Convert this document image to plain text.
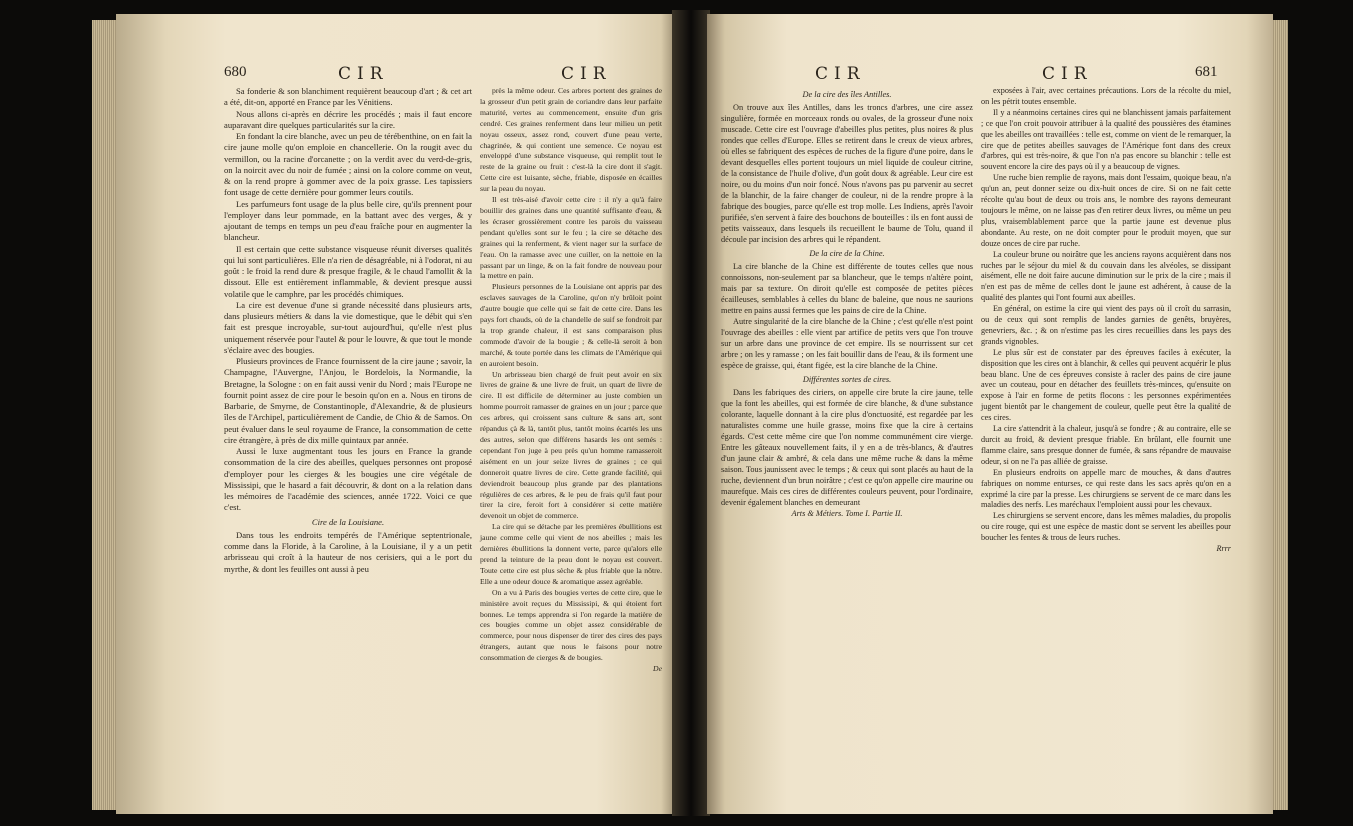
680	CIR	CIR

Sa fonderie & son blanchiment requièrent beaucoup d'art ; & cet art a été, dit-on, apporté en France par les Vénitiens.

Nous allons ci-après en décrire les procédés ; mais il faut encore auparavant dire quelques particularités sur la cire.

En fondant la cire blanche, avec un peu de térébenthine, on en fait la cire jaune molle qu'on emploie en chancellerie. On la rougit avec du vermillon, ou la racine d'orcanette ; on la verdit avec du verd-de-gris, on la noircit avec du noir de fumée ; ainsi on la colore comme on veut, & on la rend propre à gommer avec de la poix grasse. Les tapissiers font usage de cette dernière pour gommer leurs coutils.

Les parfumeurs font usage de la plus belle cire, qu'ils prennent pour l'employer dans leur pommade, en la battant avec des verges, & y ajoutant de temps en temps un peu d'eau fraîche pour en augmenter la blancheur.

Il est certain que cette substance visqueuse réunit diverses qualités qui lui sont particulières. Elle n'a rien de désagréable, ni à l'odorat, ni au goût : le froid la rend dure & presque fragile, & le chaud l'amollit & la dissout. Elle est entièrement inflammable, & devient presque aussi volatile que le camphre, par les procédés chimiques.

La cire est devenue d'une si grande nécessité dans plusieurs arts, dans plusieurs métiers & dans la vie domestique, que le débit qui s'en fait est presque incroyable, sur-tout aujourd'hui, qu'elle n'est plus uniquement réservée pour l'autel & pour le louvre, & que tout le monde s'éclaire avec des bougies.

Plusieurs provinces de France fournissent de la cire jaune ; savoir, la Champagne, l'Auvergne, l'Anjou, le Bordelois, la Normandie, la Bretagne, la Sologne : on en fait aussi venir du Nord ; mais l'Europe ne fournit point assez de cire pour le besoin qu'on en a. Nous en tirons de Barbarie, de Smyrne, de Constantinople, d'Alexandrie, & de plusieurs îles de l'Archipel, particulièrement de Candie, de Chio & de Samos. On peut évaluer dans le seul royaume de France, la consommation de cette cire étrangère, à près de dix mille quintaux par année.

Aussi le luxe augmentant tous les jours en France la grande consommation de la cire des abeilles, quelques personnes ont proposé d'employer pour les cierges & les bougies une cire végétale de Mississipi, que le hasard a fait découvrir, & dont on a la relation dans les mémoires de l'académie des sciences, année 1722. Voici ce que c'est.

Cire de la Louisiane.

Dans tous les endroits tempérés de l'Amérique septentrionale, comme dans la Floride, à la Caroline, à la Louisiane, il y a un petit arbrisseau qui croît à la hauteur de nos cerisiers, qui a le port du myrthe, & dont les feuilles ont aussi à peu

près la même odeur. Ces arbres portent des graines de la grosseur d'un petit grain de coriandre dans leur parfaite maturité, vertes au commencement, ensuite d'un gris cendré. Ces graines renferment dans leur milieu un petit noyau osseux, assez rond, couvert d'une peau verte, chagrinée, & qui contient une semence. Ce noyau est enveloppé d'une substance visqueuse, qui remplit tout le reste de la graine ou fruit : c'est-là la cire dont il s'agit. Cette cire est luisante, sèche, friable, disposée en écailles sur la peau du noyau.

Il est très-aisé d'avoir cette cire : il n'y a qu'à faire bouillir des graines dans une quantité suffisante d'eau, & les écraser grossièrement contre les parois du vaisseau pendant qu'elles sont sur le feu ; la cire se détache des graines qui la renferment, & vient nager sur la surface de l'eau. On la ramasse avec une cuiller, on la nettoie en la passant par un linge, & on la fait fondre de nouveau pour la mettre en pain.

Plusieurs personnes de la Louisiane ont appris par des esclaves sauvages de la Caroline, qu'on n'y brûloit point d'autre bougie que celle qui se fait de cette cire. Dans les pays fort chauds, où de la chandelle de suif se fondroit par la trop grande chaleur, il est sans comparaison plus commode d'avoir de la bougie ; & celle-là seroit à bon marché, & toute portée dans les climats de l'Amérique qui en auroient besoin.

Un arbrisseau bien chargé de fruit peut avoir en six livres de graine & une livre de fruit, un quart de livre de cire. Il est difficile de déterminer au juste combien un homme pourroit ramasser de graines en un jour ; parce que ces arbres, qui croissent sans culture & sans art, sont répandus çà & là, tantôt plus, tantôt moins écartés les uns des autres, selon que différens hasards les ont semés : cependant l'on juge à peu près qu'un homme ramasseroit aisément en un jour seize livres de graines ; ce qui donneroit quatre livres de cire. Cette grande facilité, qui deviendroit beaucoup plus grande par des plantations régulières de ces arbres, & le peu de frais qu'il faut pour tirer la cire, feroit fort à considérer si cette matière devenoit un objet de commerce.

La cire qui se détache par les premières ébullitions est jaune comme celle qui vient de nos abeilles ; mais les dernières ébullitions la donnent verte, parce qu'alors elle prend la teinture de la peau dont le noyau est couvert. Toute cette cire est plus sèche & plus friable que la nôtre. Elle a une odeur douce & aromatique assez agréable.

On a vu à Paris des bougies vertes de cette cire, que le ministère avoit reçues du Mississipi, & qui étoient fort bonnes. Le temps apprendra si l'on regarde la matière de ces bougies comme un objet assez considérable de commerce, pour nous dispenser de tirer des cires des pays étrangers, autant que nous le faisons pour notre consommation de cierges & de bougies.

De
CIR	CIR	681
De la cire des îles Antilles.

On trouve aux îles Antilles, dans les troncs d'arbres, une cire assez singulière, formée en morceaux ronds ou ovales, de la grosseur d'une noix muscade. Cette cire est l'ouvrage d'abeilles plus petites, plus noires & plus rondes que celles d'Europe. Elles se retirent dans le creux de vieux arbres, où elles se fabriquent des espèces de ruches de la figure d'une poire, dans le devant desquelles elles portent toujours un miel liquide de couleur citrine, de la consistance de l'huile d'olive, d'un goût doux & agréable. Leur cire est noire, ou du moins d'un noir foncé. Nous n'avons pas pu parvenir au secret de la blanchir, de la faire changer de couleur, ni de la rendre propre à la fabrique des bougies, parce qu'elle est trop molle. Les Indiens, après l'avoir purifiée, s'en servent à faire des bouchons de bouteilles : ils en font aussi de petits vaisseaux, dans lesquels ils recueillent le baume de Tolu, quand il découle par incision des arbres qui le répandent.

De la cire de la Chine.

La cire blanche de la Chine est différente de toutes celles que nous connoissons, non-seulement par sa blancheur, que le temps n'altère point, mais par sa texture. On diroit qu'elle est composée de petites pièces écailleuses, semblables à celles du blanc de baleine, que nous ne saurions mettre en pains aussi fermes que les pains de cire de la Chine.

Autre singularité de la cire blanche de la Chine ; c'est qu'elle n'est point l'ouvrage des abeilles : elle vient par artifice de petits vers que l'on trouve sur un arbre dans une province de cet empire. Ils se nourrissent sur cet arbre ; on les y ramasse ; on les fait bouillir dans de l'eau, & ils forment une espèce de graisse, qui, étant figée, est la cire blanche de la Chine.

Différentes sortes de cires.

Dans les fabriques des ciriers, on appelle cire brute la cire jaune, telle que la font les abeilles, qui est formée de cire blanche, & d'une substance colorante, laquelle donnant à la cire plus d'onctuosité, est regardée par les naturalistes comme une huile grasse, moins fixe que la cire à certains égards. C'est cette même cire que l'on nomme communément cire vierge. Entre les gâteaux nouvellement faits, il y en a de très-blancs, & d'autres d'un jaune clair & ambré, & cela dans une même ruche & dans la même saison. Tous jaunissent avec le temps ; & ceux qui sont placés au haut de la ruche, deviennent d'un brun noirâtre ; c'est ce qu'on appelle cire maurine ou maurefque. Mais ces cires de différentes couleurs peuvent, pour l'ordinaire, devenir également blanches en demeurant

Arts & Métiers. Tome I. Partie II.

exposées à l'air, avec certaines précautions. Lors de la récolte du miel, on les pétrit toutes ensemble.

Il y a néanmoins certaines cires qui ne blanchissent jamais parfaitement ; ce que l'on croit pouvoir attribuer à la qualité des poussières des étamines que les abeilles ont travaillées : telle est, comme on vient de le remarquer, la cire que de petites abeilles sauvages de l'Amérique font dans des creux d'arbres, qui est très-noire, & que l'on n'a pas encore su blanchir : telle est souvent encore la cire des pays où il y a beaucoup de vignes.

Une ruche bien remplie de rayons, mais dont l'essaim, quoique beau, n'a qu'un an, peut donner seize ou dix-huit onces de cire. Si on ne fait cette récolte qu'au bout de deux ou trois ans, le nombre des rayons demeurant toujours le même, on ne laisse pas d'en retirer deux livres, ou même un peu plus, vraisemblablement parce que la partie jaune est devenue plus abondante. Au reste, on ne doit compter pour le produit moyen, que sur douze onces de cire par ruche.

La couleur brune ou noirâtre que les anciens rayons acquièrent dans nos ruches par le séjour du miel & du couvain dans les alvéoles, se dissipant aisément, elle ne doit faire aucune diminution sur le prix de la cire ; mais il n'en est pas de même de celles dont le jaune est adhérent, à cause de la qualité des plantes qui l'ont fourni aux abeilles.

En général, on estime la cire qui vient des pays où il croît du sarrasin, ou de ceux qui sont remplis de landes garnies de genêts, bruyères, genevriers, &c. ; & on n'estime pas les cires recueillies dans les pays des grands vignobles.

Le plus sûr est de constater par des épreuves faciles à exécuter, la disposition que les cires ont à blanchir, & celles qui peuvent acquérir le plus beau blanc. Une de ces épreuves consiste à racler des pains de cire jaune avec un couteau, pour en détacher des feuillets très-minces, qu'ensuite on expose à l'air en forme de petits flocons : les personnes expérimentées jugent bientôt par le changement de couleur, quelle peut être la qualité de ces cires.

La cire s'attendrit à la chaleur, jusqu'à se fondre ; & au contraire, elle se durcit au froid, & devient presque friable. En brûlant, elle fournit une flamme claire, sans presque donner de fumée, & sans répandre de mauvaise odeur, si on ne l'a pas alliée de graisse.

En plusieurs endroits on appelle marc de mouches, & dans d'autres fabriques on nomme enturses, ce qui reste dans les sacs après qu'on en a exprimé la cire par la presse. Les chirurgiens se servent de ce marc dans les maladies des nerfs. Les maréchaux l'emploient aussi pour les chevaux.

Les chirurgiens se servent encore, dans les mêmes maladies, du propolis ou cire rouge, qui est une espèce de mastic dont se servent les abeilles pour boucher les fentes & trous de leurs ruches.

Rrrr
